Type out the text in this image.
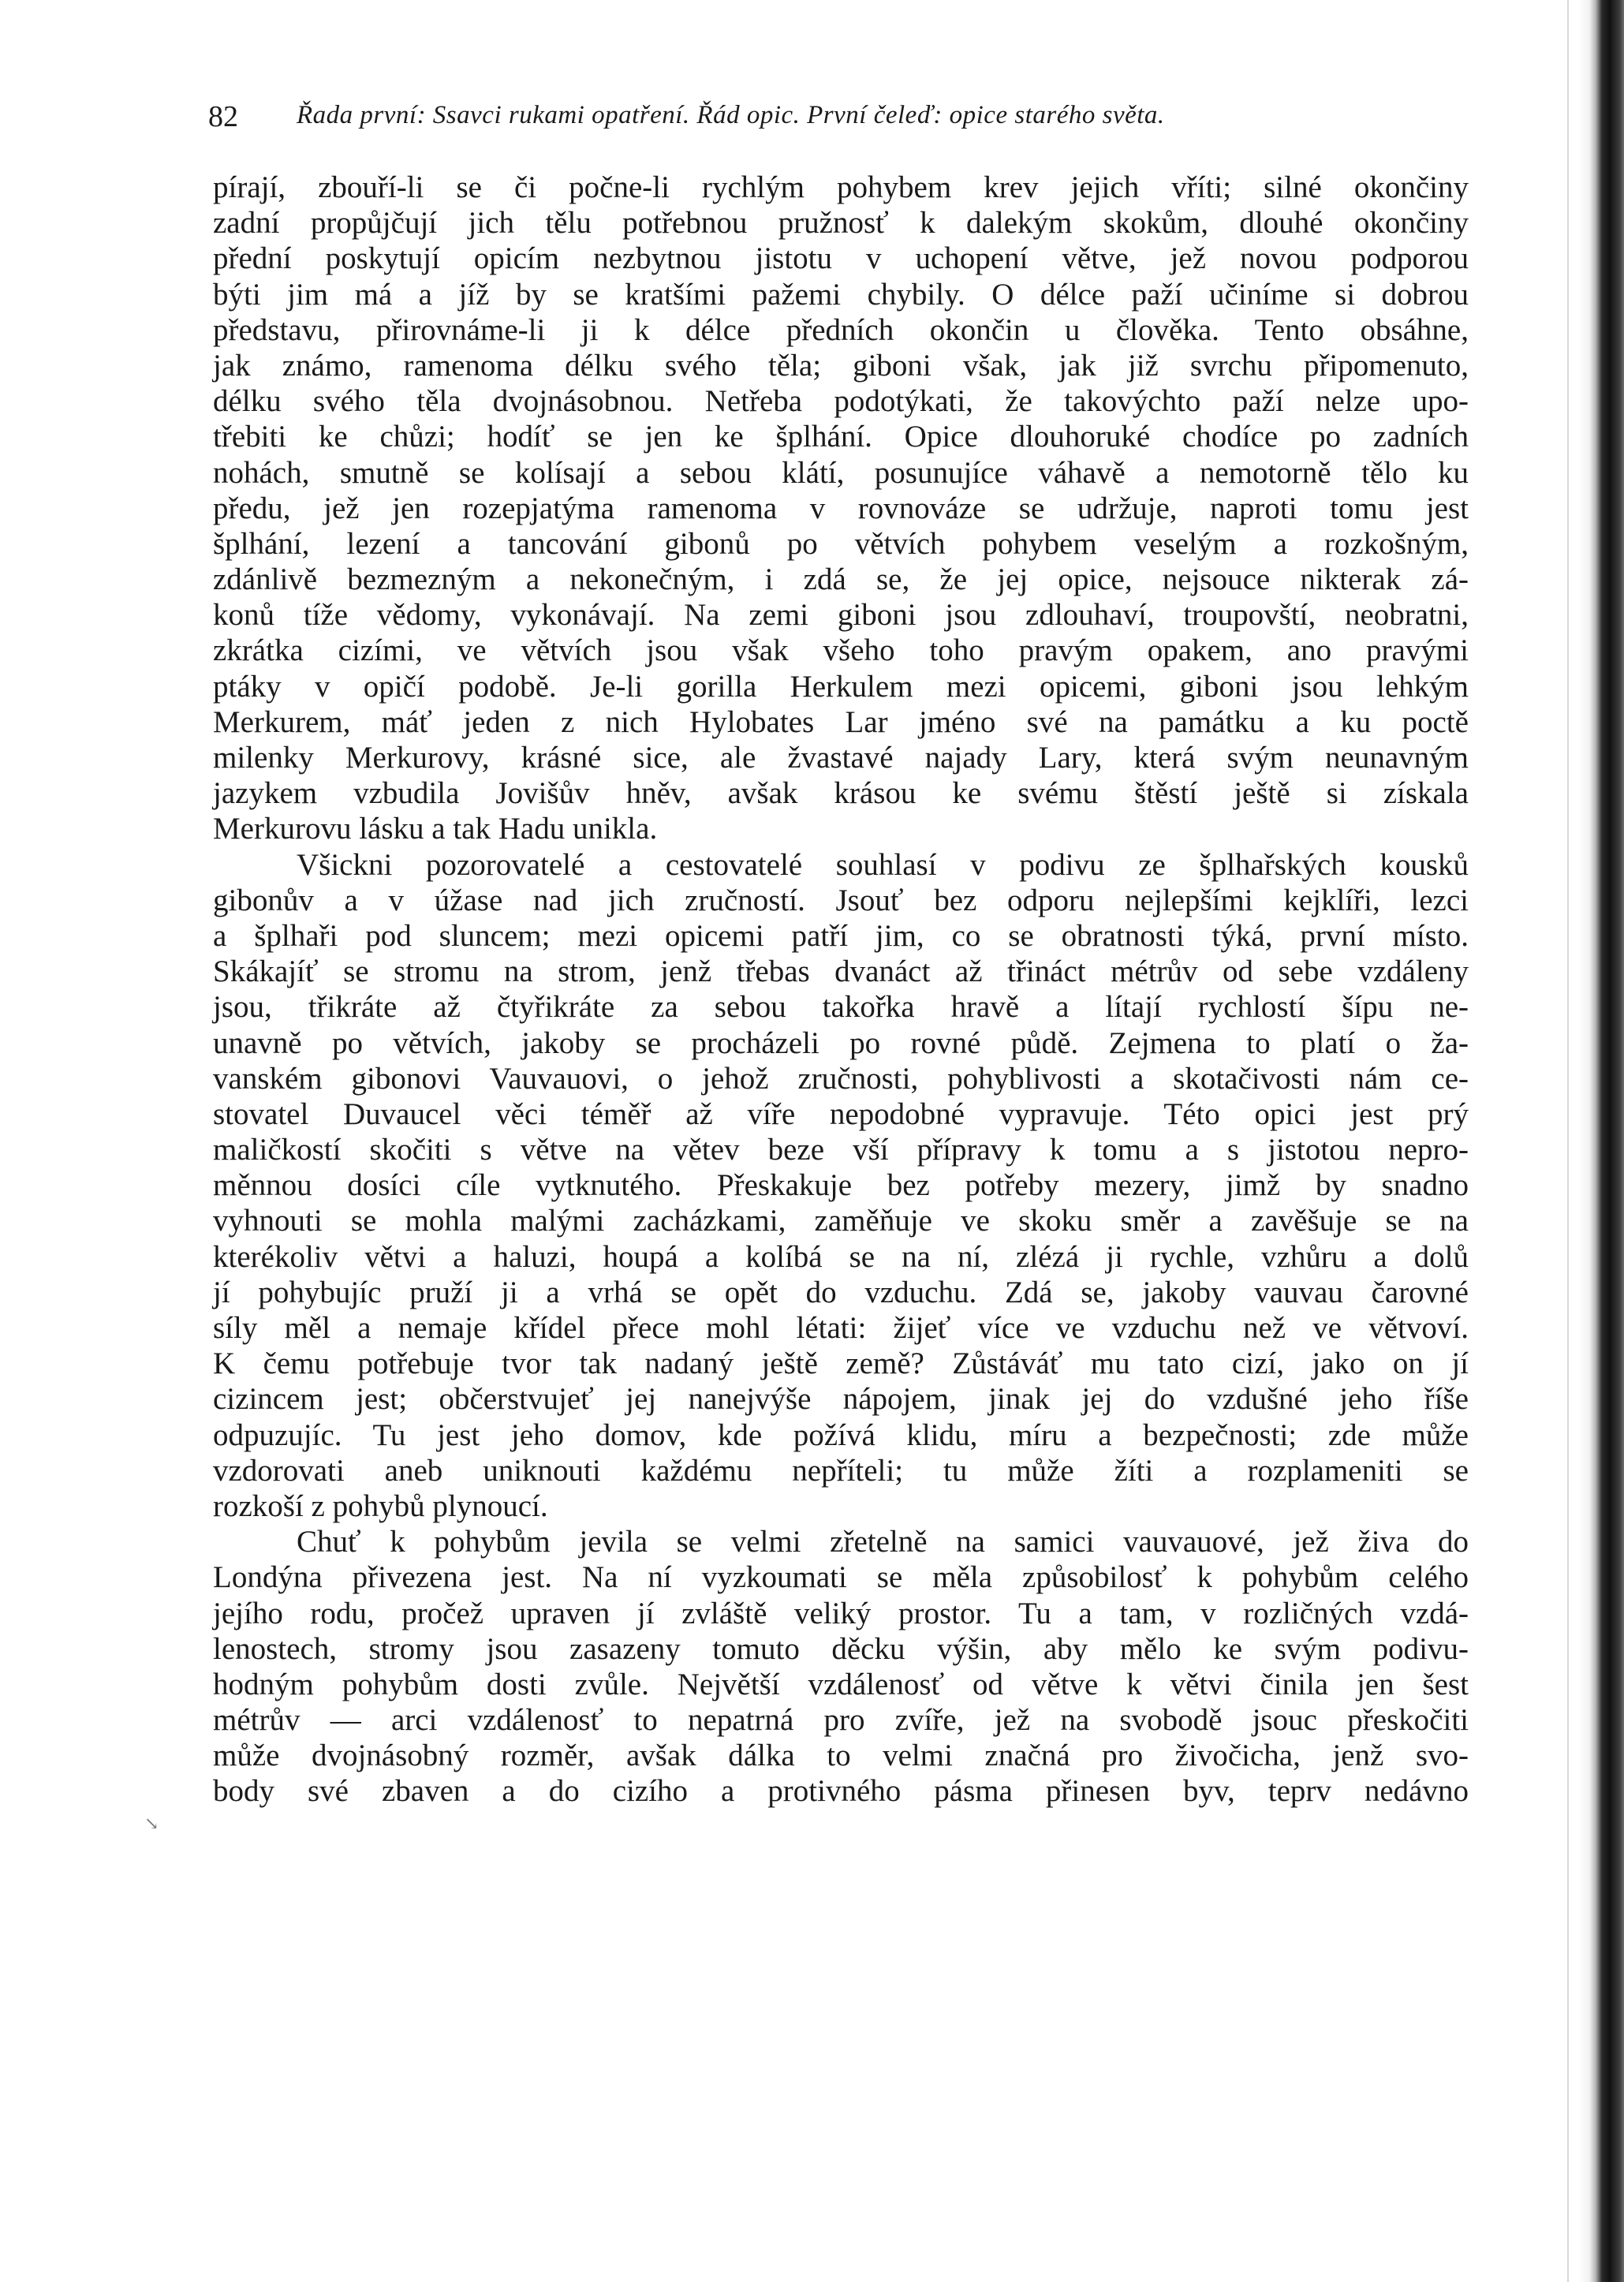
82 Řada první: Ssavci rukami opatření. Řád opic. První čeleď: opice starého světa.
pírají, zbouří-li se či počne-li rychlým pohybem krev jejich vříti; silné okončiny
zadní propůjčují jich tělu potřebnou pružnosť k dalekým skokům, dlouhé okončiny
přední poskytují opicím nezbytnou jistotu v uchopení větve, jež novou podporou
býti jim má a jíž by se kratšími pažemi chybily. O délce paží učiníme si dobrou
představu, přirovnáme-li ji k délce předních okončin u člověka. Tento obsáhne,
jak známo, ramenoma délku svého těla; giboni však, jak již svrchu připomenuto,
délku svého těla dvojnásobnou. Netřeba podotýkati, že takovýchto paží nelze upo-
třebiti ke chůzi; hodíť se jen ke šplhání. Opice dlouhoruké chodíce po zadních
nohách, smutně se kolísají a sebou klátí, posunujíce váhavě a nemotorně tělo ku
předu, jež jen rozepjatýma ramenoma v rovnováze se udržuje, naproti tomu jest
šplhání, lezení a tancování gibonů po větvích pohybem veselým a rozkošným,
zdánlivě bezmezným a nekonečným, i zdá se, že jej opice, nejsouce nikterak zá-
konů tíže vědomy, vykonávají. Na zemi giboni jsou zdlouhaví, troupovští, neobratni,
zkrátka cizími, ve větvích jsou však všeho toho pravým opakem, ano pravými
ptáky v opičí podobě. Je-li gorilla Herkulem mezi opicemi, giboni jsou lehkým
Merkurem, máť jeden z nich Hylobates Lar jméno své na památku a ku poctě
milenky Merkurovy, krásné sice, ale žvastavé najady Lary, která svým neunavným
jazykem vzbudila Jovišův hněv, avšak krásou ke svému štěstí ještě si získala
Merkurovu lásku a tak Hadu unikla.
Všickni pozorovatelé a cestovatelé souhlasí v podivu ze šplhařských kousků
gibonův a v úžase nad jich zručností. Jsouť bez odporu nejlepšími kejklíři, lezci
a šplhaři pod sluncem; mezi opicemi patří jim, co se obratnosti týká, první místo.
Skákajíť se stromu na strom, jenž třebas dvanáct až třináct métrův od sebe vzdáleny
jsou, třikráte až čtyřikráte za sebou takořka hravě a lítají rychlostí šípu ne-
unavně po větvích, jakoby se procházeli po rovné půdě. Zejmena to platí o ža-
vanském gibonovi Vauvauovi, o jehož zručnosti, pohyblivosti a skotačivosti nám ce-
stovatel Duvaucel věci téměř až víře nepodobné vypravuje. Této opici jest prý
maličkostí skočiti s větve na větev beze vší přípravy k tomu a s jistotou nepro-
měnnou dosíci cíle vytknutého. Přeskakuje bez potřeby mezery, jimž by snadno
vyhnouti se mohla malými zacházkami, zaměňuje ve skoku směr a zavěšuje se na
kterékoliv větvi a haluzi, houpá a kolíbá se na ní, zlézá ji rychle, vzhůru a dolů
jí pohybujíc pruží ji a vrhá se opět do vzduchu. Zdá se, jakoby vauvau čarovné
síly měl a nemaje křídel přece mohl létati: žijeť více ve vzduchu než ve větvoví.
K čemu potřebuje tvor tak nadaný ještě země? Zůstáváť mu tato cizí, jako on jí
cizincem jest; občerstvujeť jej nanejvýše nápojem, jinak jej do vzdušné jeho říše
odpuzujíc. Tu jest jeho domov, kde požívá klidu, míru a bezpečnosti; zde může
vzdorovati aneb uniknouti každému nepříteli; tu může žíti a rozplameniti se
rozkoší z pohybů plynoucí.
Chuť k pohybům jevila se velmi zřetelně na samici vauvauové, jež živa do
Londýna přivezena jest. Na ní vyzkoumati se měla způsobilosť k pohybům celého
jejího rodu, pročež upraven jí zvláště veliký prostor. Tu a tam, v rozličných vzdá-
lenostech, stromy jsou zasazeny tomuto děcku výšin, aby mělo ke svým podivu-
hodným pohybům dosti zvůle. Největší vzdálenosť od větve k větvi činila jen šest
métrův — arci vzdálenosť to nepatrná pro zvíře, jež na svobodě jsouc přeskočiti
může dvojnásobný rozměr, avšak dálka to velmi značná pro živočicha, jenž svo-
body své zbaven a do cizího a protivného pásma přinesen byv, teprv nedávno
↘
